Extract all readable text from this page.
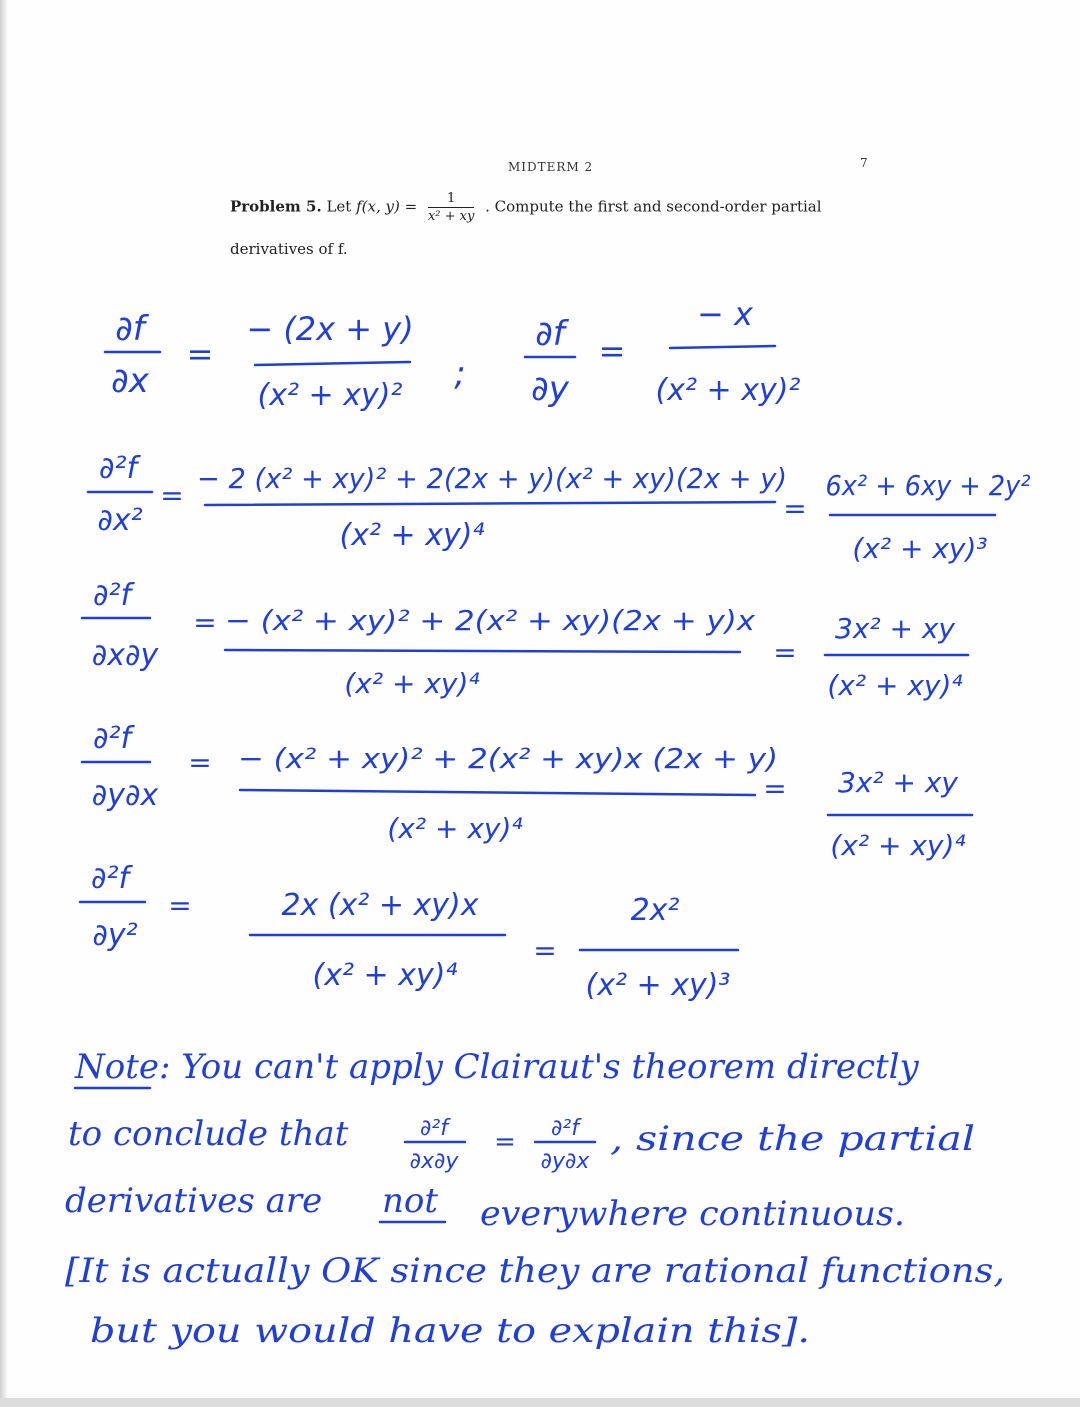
MIDTERM 2	7
Problem 5. Let f(x, $y) = \frac{1}{\text{x² + xy}}$ . Compute the first and second-order partial
derivatives of f.
∂f
∂x
=
− (2x + y)
(x² + xy)²
;
∂f
∂y
=
− x
(x² + xy)²
∂²f
∂x²
=
− 2 (x² + xy)² + 2(2x + y)(x² + xy)(2x + y)
(x² + xy)⁴
=
6x² + 6xy + 2y²
(x² + xy)³
∂²f
∂x∂y
= − (x² + xy)² + 2(x² + xy)(2x + y)x
(x² + xy)⁴
=
3x² + xy
(x² + xy)⁴
∂²f
∂y∂x
= − (x² + xy)² + 2(x² + xy)x (2x + y)
(x² + xy)⁴
= 3x² + xy
(x² + xy)⁴
∂²f
∂y²
=	2x (x² + xy)x
(x² + xy)⁴
=
2x²
(x² + xy)³
Note: You can't apply Clairaut's theorem directly
to conclude that	∂²f
∂x∂y
= ∂²f
∂y∂x
, since the partial
derivatives are not everywhere continuous.
[It is actually OK since they are rational functions,
but you would have to explain this].
